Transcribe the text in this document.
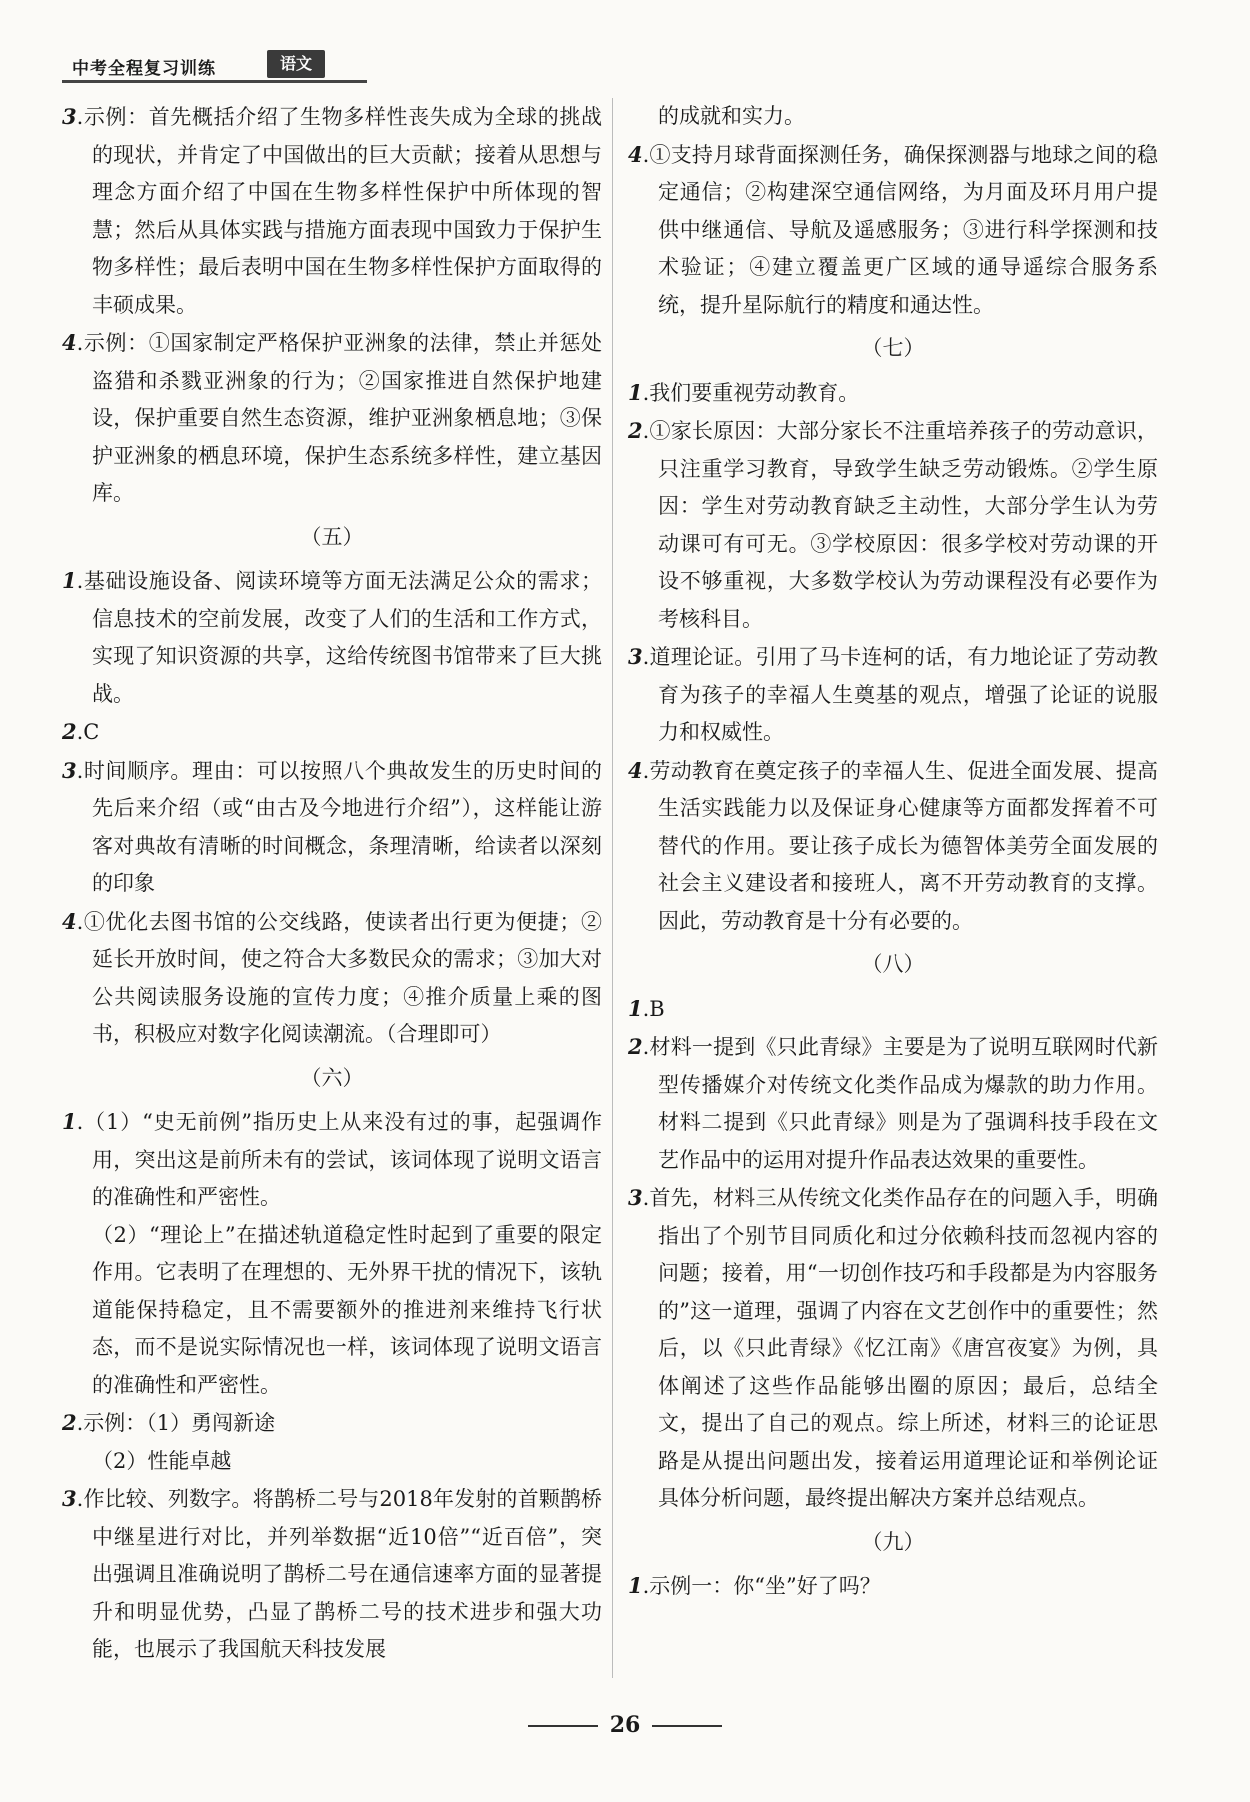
中考全程复习训练	语文

3.示例：首先概括介绍了生物多样性丧失成为全球的挑战的现状，并肯定了中国做出的巨大贡献；接着从思想与理念方面介绍了中国在生物多样性保护中所体现的智慧；然后从具体实践与措施方面表现中国致力于保护生物多样性；最后表明中国在生物多样性保护方面取得的丰硕成果。

4.示例：①国家制定严格保护亚洲象的法律，禁止并惩处盗猎和杀戮亚洲象的行为；②国家推进自然保护地建设，保护重要自然生态资源，维护亚洲象栖息地；③保护亚洲象的栖息环境，保护生态系统多样性，建立基因库。

（五）

1.基础设施设备、阅读环境等方面无法满足公众的需求；信息技术的空前发展，改变了人们的生活和工作方式，实现了知识资源的共享，这给传统图书馆带来了巨大挑战。

2.C

3.时间顺序。理由：可以按照八个典故发生的历史时间的先后来介绍（或“由古及今地进行介绍”），这样能让游客对典故有清晰的时间概念，条理清晰，给读者以深刻的印象

4.①优化去图书馆的公交线路，使读者出行更为便捷；②延长开放时间，使之符合大多数民众的需求；③加大对公共阅读服务设施的宣传力度；④推介质量上乘的图书，积极应对数字化阅读潮流。（合理即可）

（六）

1.（1）“史无前例”指历史上从来没有过的事，起强调作用，突出这是前所未有的尝试，该词体现了说明文语言的准确性和严密性。

（2）“理论上”在描述轨道稳定性时起到了重要的限定作用。它表明了在理想的、无外界干扰的情况下，该轨道能保持稳定，且不需要额外的推进剂来维持飞行状态，而不是说实际情况也一样，该词体现了说明文语言的准确性和严密性。

2.示例：（1）勇闯新途

（2）性能卓越

3.作比较、列数字。将鹊桥二号与2018年发射的首颗鹊桥中继星进行对比，并列举数据“近10倍”“近百倍”，突出强调且准确说明了鹊桥二号在通信速率方面的显著提升和明显优势，凸显了鹊桥二号的技术进步和强大功能，也展示了我国航天科技发展

的成就和实力。

4.①支持月球背面探测任务，确保探测器与地球之间的稳定通信；②构建深空通信网络，为月面及环月用户提供中继通信、导航及遥感服务；③进行科学探测和技术验证；④建立覆盖更广区域的通导遥综合服务系统，提升星际航行的精度和通达性。

（七）

1.我们要重视劳动教育。

2.①家长原因：大部分家长不注重培养孩子的劳动意识，只注重学习教育，导致学生缺乏劳动锻炼。②学生原因：学生对劳动教育缺乏主动性，大部分学生认为劳动课可有可无。③学校原因：很多学校对劳动课的开设不够重视，大多数学校认为劳动课程没有必要作为考核科目。

3.道理论证。引用了马卡连柯的话，有力地论证了劳动教育为孩子的幸福人生奠基的观点，增强了论证的说服力和权威性。

4.劳动教育在奠定孩子的幸福人生、促进全面发展、提高生活实践能力以及保证身心健康等方面都发挥着不可替代的作用。要让孩子成长为德智体美劳全面发展的社会主义建设者和接班人，离不开劳动教育的支撑。因此，劳动教育是十分有必要的。

（八）

1.B

2.材料一提到《只此青绿》主要是为了说明互联网时代新型传播媒介对传统文化类作品成为爆款的助力作用。材料二提到《只此青绿》则是为了强调科技手段在文艺作品中的运用对提升作品表达效果的重要性。

3.首先，材料三从传统文化类作品存在的问题入手，明确指出了个别节目同质化和过分依赖科技而忽视内容的问题；接着，用“一切创作技巧和手段都是为内容服务的”这一道理，强调了内容在文艺创作中的重要性；然后，以《只此青绿》《忆江南》《唐宫夜宴》为例，具体阐述了这些作品能够出圈的原因；最后，总结全文，提出了自己的观点。综上所述，材料三的论证思路是从提出问题出发，接着运用道理论证和举例论证具体分析问题，最终提出解决方案并总结观点。

（九）

1.示例一：你“坐”好了吗？

26
